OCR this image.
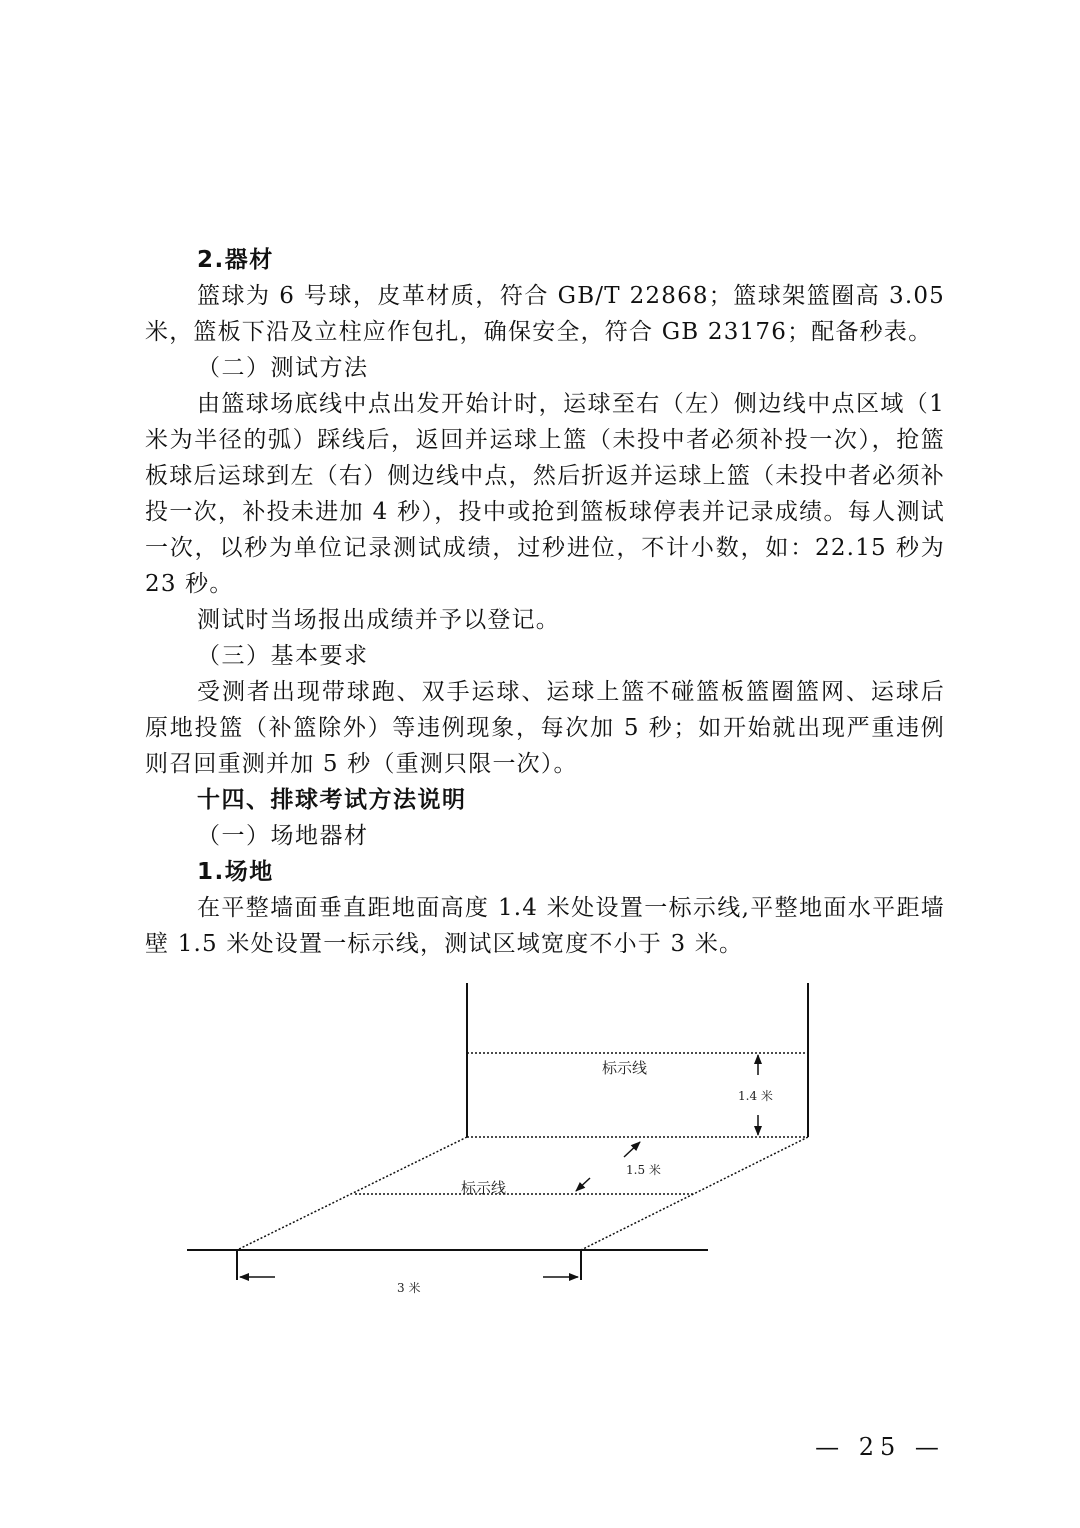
2.器材

篮球为 6 号球，皮革材质，符合 GB/T 22868；篮球架篮圈高 3.05 米，篮板下沿及立柱应作包扎，确保安全，符合 GB 23176；配备秒表。

（二）测试方法

由篮球场底线中点出发开始计时，运球至右（左）侧边线中点区域（1 米为半径的弧）踩线后，返回并运球上篮（未投中者必须补投一次），抢篮板球后运球到左（右）侧边线中点，然后折返并运球上篮（未投中者必须补投一次，补投未进加 4 秒），投中或抢到篮板球停表并记录成绩。每人测试一次，以秒为单位记录测试成绩，过秒进位，不计小数，如：22.15 秒为 23 秒。

测试时当场报出成绩并予以登记。

（三）基本要求

受测者出现带球跑、双手运球、运球上篮不碰篮板篮圈篮网、运球后原地投篮（补篮除外）等违例现象，每次加 5 秒；如开始就出现严重违例则召回重测并加 5 秒（重测只限一次）。

十四、排球考试方法说明

（一）场地器材

1.场地

在平整墙面垂直距地面高度 1.4 米处设置一标示线,平整地面水平距墙壁 1.5 米处设置一标示线，测试区域宽度不小于 3 米。

标示线
标示线
1.4 米
1.5 米
3 米
— 25 —
